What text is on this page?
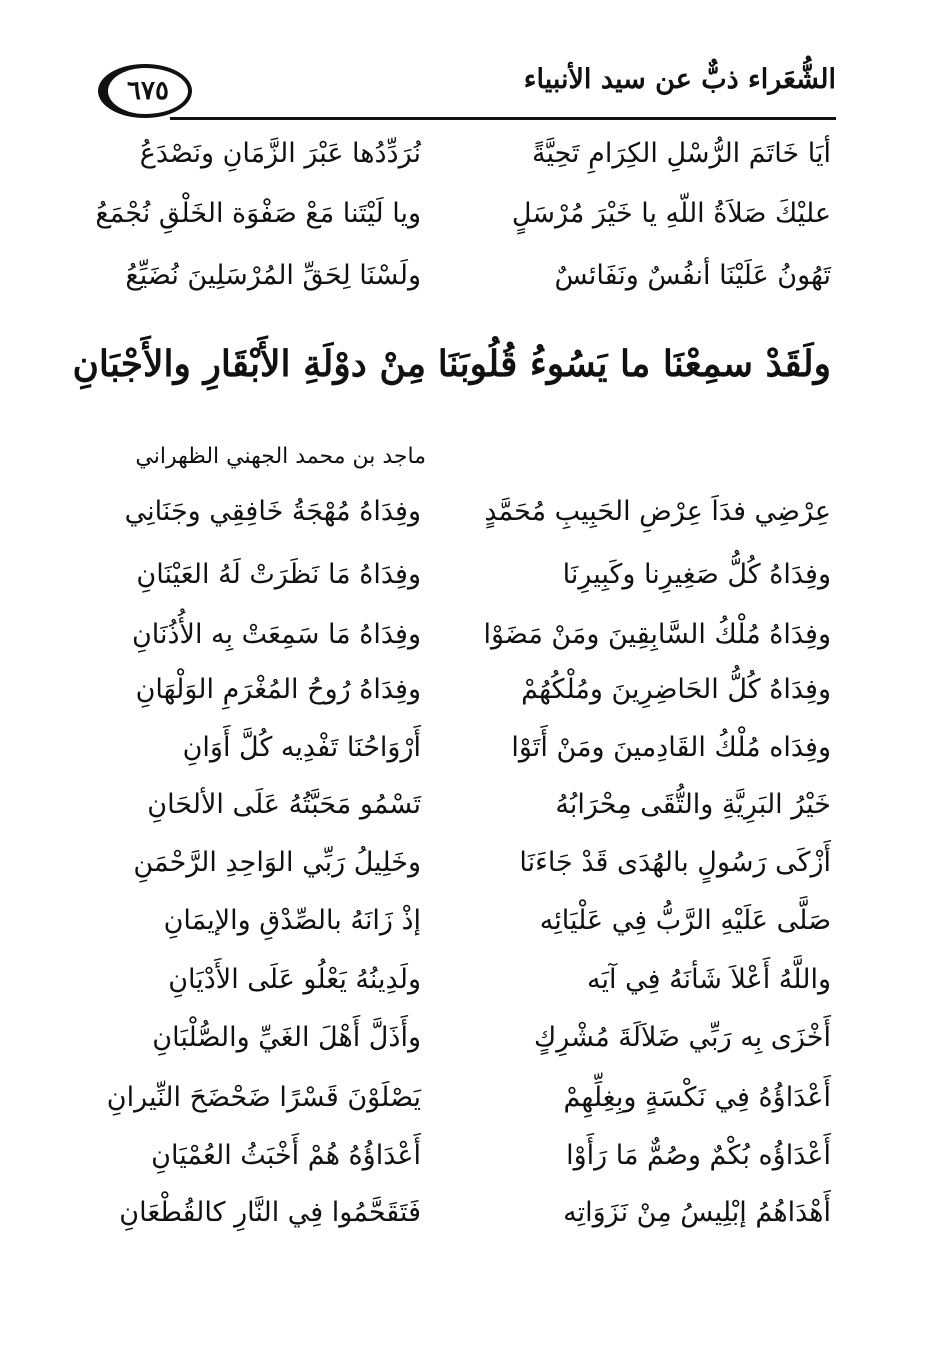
الشُّعَراء ذبٌّ عن سيد الأنبياء
٦٧٥
أيَا خَاتَمَ الرُّسْلِ الكِرَامِ تَحِيَّةً
نُرَدِّدُها عَبْرَ الزَّمَانِ ونَصْدَعُ
عليْكَ صَلاَةُ اللّهِ يا خَيْرَ مُرْسَلٍ
ويا لَيْتَنا مَعْ صَفْوَة الخَلْقِ نُجْمَعُ
تَهُونُ عَلَيْنَا أنفُسٌ ونَفَائسٌ
ولَسْنَا لِحَقِّ المُرْسَلِينَ نُضَيِّعُ
ولَقَدْ سمِعْنَا ما يَسُوءُ قُلُوبَنَا
مِنْ دوْلَةِ الأَبْقَارِ والأَجْبَانِ
ماجد بن محمد الجهني الظهراني
عِرْضِي فدَاَ عِرْضِ الحَبِيبِ مُحَمَّدٍ
وفِدَاهُ مُهْجَةُ خَافِقِي وجَنَانِي
وفِدَاهُ كُلُّ صَغِيرِنا وكَبِيرِنَا
وفِدَاهُ مَا نَظَرَتْ لَهُ العَيْنَانِ
وفِدَاهُ مُلْكُ السَّابِقِينَ ومَنْ مَضَوْا
وفِدَاهُ مَا سَمِعَتْ بِه الأُذُنَانِ
وفِدَاهُ كُلُّ الحَاضِرِينَ ومُلْكُهُمْ
وفِدَاهُ رُوحُ المُغْرَمِ الوَلْهَانِ
وفِدَاه مُلْكُ القَادِمينَ ومَنْ أَتَوْا
أَرْوَاحُنَا تَفْدِيه كُلَّ أَوَانِ
خَيْرُ البَرِيَّةِ والتُّقَى مِحْرَابُهُ
تَسْمُو مَحَبَّتُهُ عَلَى الألحَانِ
أَزْكَى رَسُولٍ بالهُدَى قَدْ جَاءَنَا
وخَلِيلُ رَبِّي الوَاحِدِ الرَّحْمَنِ
صَلَّى عَلَيْهِ الرَّبُّ فِي عَلْيَائِه
إذْ زَانَهُ بالصِّدْقِ والإيمَانِ
واللَّهُ أَعْلاَ شَأنَهُ فِي آيَه
ولَدِينُهُ يَعْلُو عَلَى الأَدْيَانِ
أَخْزَى بِه رَبِّي ضَلاَلَةَ مُشْرِكٍ
وأَذَلَّ أَهْلَ الغَيِّ والصُّلْبَانِ
أَعْدَاؤُهُ فِي نَكْسَةٍ وبِغِلِّهِمْ
يَصْلَوْنَ قَسْرًا ضَحْضَحَ النِّيرانِ
أَعْدَاؤُه بُكْمٌ وصُمٌّ مَا رَأَوْا
أَعْدَاؤُهُ هُمْ أَخْبَثُ العُمْيَانِ
أَهْدَاهُمُ إبْلِيسُ مِنْ نَزَوَاتِه
فَتَقَحَّمُوا فِي النَّارِ كالقُطْعَانِ
